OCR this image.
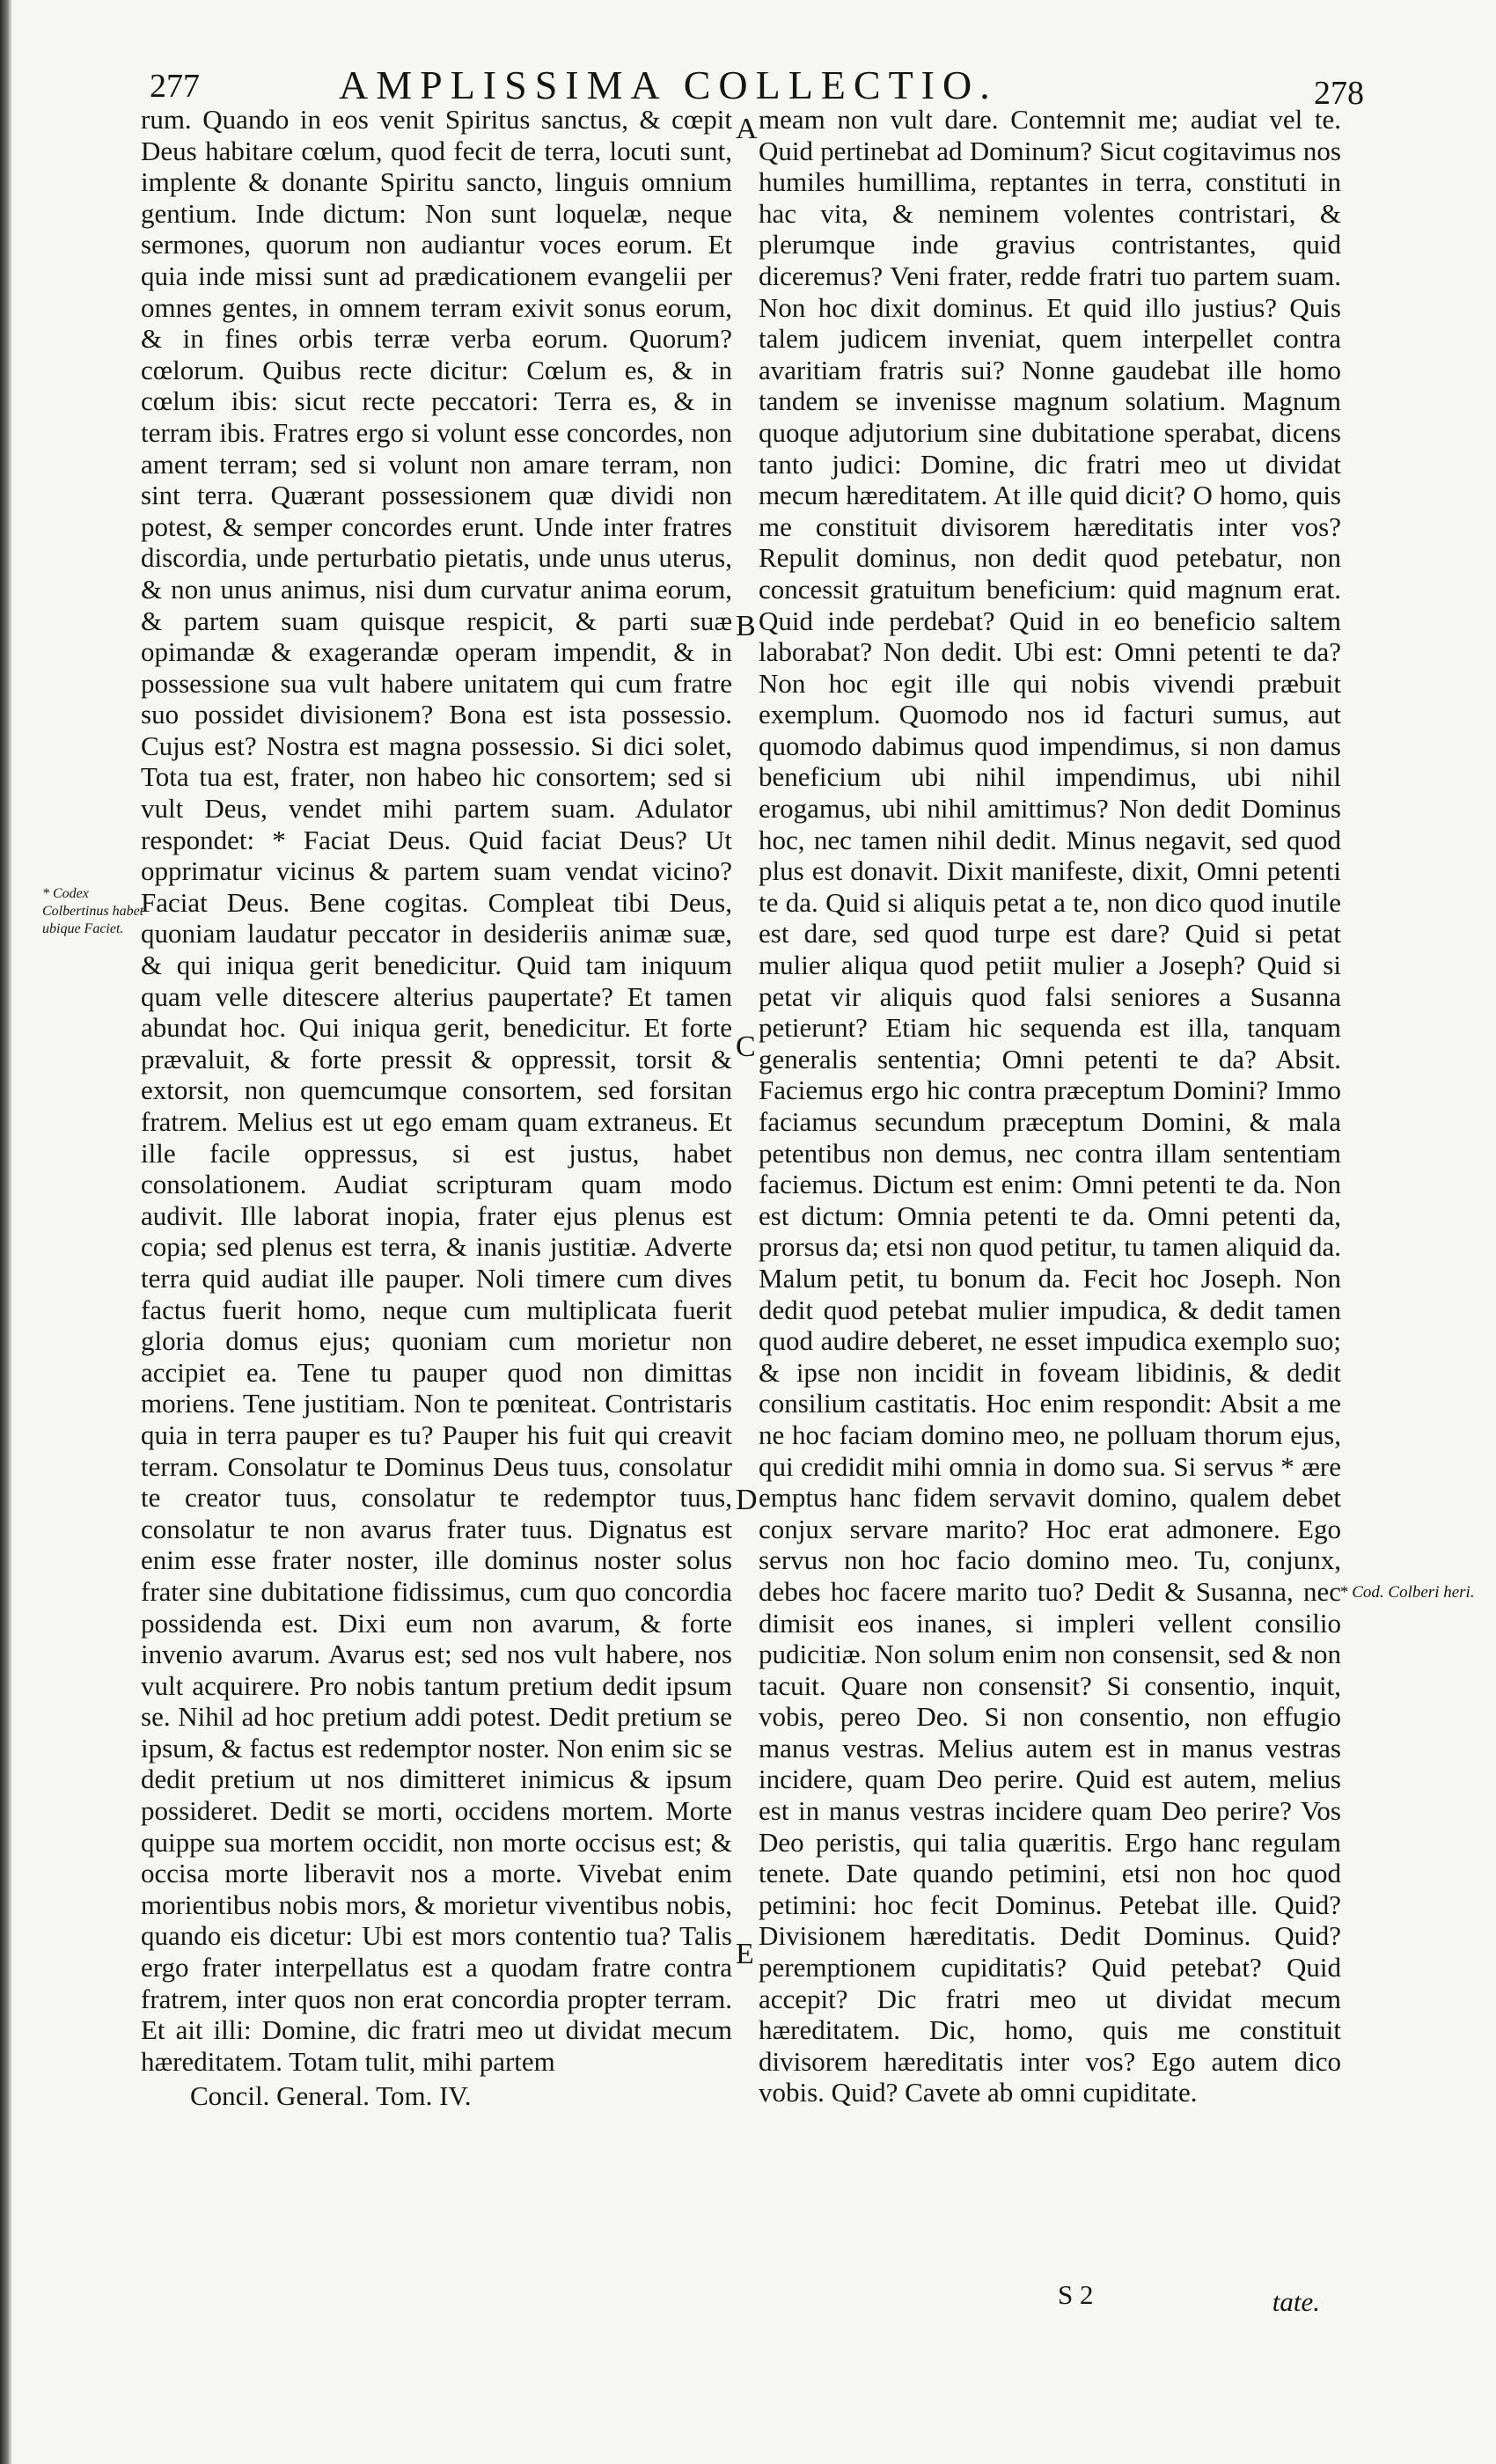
277	AMPLISSIMA COLLECTIO.	278

rum. Quando in eos venit Spiritus sanctus, & cœpit Deus habitare cœlum, quod fecit de terra, locuti sunt, implente & donante Spiritu sancto, linguis omnium gentium. Inde dictum: Non sunt loquelæ, neque sermones, quorum non audiantur voces eorum. Et quia inde missi sunt ad prædicationem evangelii per omnes gentes, in omnem terram exivit sonus eorum, & in fines orbis terræ verba eorum. Quorum? cœlorum. Quibus recte dicitur: Cœlum es, & in cœlum ibis: sicut recte peccatori: Terra es, & in terram ibis. Fratres ergo si volunt esse concordes, non ament terram; sed si volunt non amare terram, non sint terra. Quærant possessionem quæ dividi non potest, & semper concordes erunt. Unde inter fratres discordia, unde perturbatio pietatis, unde unus uterus, & non unus animus, nisi dum curvatur anima eorum, & partem suam quisque respicit, & parti suæ opimandæ & exagerandæ operam impendit, & in possessione sua vult habere unitatem qui cum fratre suo possidet divisionem? Bona est ista possessio. Cujus est? Nostra est magna possessio. Si dici solet, Tota tua est, frater, non habeo hic consortem; sed si vult Deus, vendet mihi partem suam. Adulator respondet: * Faciat Deus. Quid faciat Deus? Ut opprimatur vicinus & partem suam vendat vicino? Faciat Deus. Bene cogitas. Compleat tibi Deus, quoniam laudatur peccator in desideriis animæ suæ, & qui iniqua gerit benedicitur. Quid tam iniquum quam velle ditescere alterius paupertate? Et tamen abundat hoc. Qui iniqua gerit, benedicitur. Et forte prævaluit, & forte pressit & oppressit, torsit & extorsit, non quemcumque consortem, sed forsitan fratrem. Melius est ut ego emam quam extraneus. Et ille facile oppressus, si est justus, habet consolationem. Audiat scripturam quam modo audivit. Ille laborat inopia, frater ejus plenus est copia; sed plenus est terra, & inanis justitiæ. Adverte terra quid audiat ille pauper. Noli timere cum dives factus fuerit homo, neque cum multiplicata fuerit gloria domus ejus; quoniam cum morietur non accipiet ea. Tene tu pauper quod non dimittas moriens. Tene justitiam. Non te pœniteat. Contristaris quia in terra pauper es tu? Pauper his fuit qui creavit terram. Consolatur te Dominus Deus tuus, consolatur te creator tuus, consolatur te redemptor tuus, consolatur te non avarus frater tuus. Dignatus est enim esse frater noster, ille dominus noster solus frater sine dubitatione fidissimus, cum quo concordia possidenda est. Dixi eum non avarum, & forte invenio avarum. Avarus est; sed nos vult habere, nos vult acquirere. Pro nobis tantum pretium dedit ipsum se. Nihil ad hoc pretium addi potest. Dedit pretium se ipsum, & factus est redemptor noster. Non enim sic se dedit pretium ut nos dimitteret inimicus & ipsum possideret. Dedit se morti, occidens mortem. Morte quippe sua mortem occidit, non morte occisus est; & occisa morte liberavit nos a morte. Vivebat enim morientibus nobis mors, & morietur viventibus nobis, quando eis dicetur: Ubi est mors contentio tua? Talis ergo frater interpellatus est a quodam fratre contra fratrem, inter quos non erat concordia propter terram. Et ait illi: Domine, dic fratri meo ut dividat mecum hæreditatem. Totam tulit, mihi partem

Concil. General. Tom. IV.

meam non vult dare. Contemnit me; audiat vel te. Quid pertinebat ad Dominum? Sicut cogitavimus nos humiles humillima, reptantes in terra, constituti in hac vita, & neminem volentes contristari, & plerumque inde gravius contristantes, quid diceremus? Veni frater, redde fratri tuo partem suam. Non hoc dixit dominus. Et quid illo justius? Quis talem judicem inveniat, quem interpellet contra avaritiam fratris sui? Nonne gaudebat ille homo tandem se invenisse magnum solatium. Magnum quoque adjutorium sine dubitatione sperabat, dicens tanto judici: Domine, dic fratri meo ut dividat mecum hæreditatem. At ille quid dicit? O homo, quis me constituit divisorem hæreditatis inter vos? Repulit dominus, non dedit quod petebatur, non concessit gratuitum beneficium: quid magnum erat. Quid inde perdebat? Quid in eo beneficio saltem laborabat? Non dedit. Ubi est: Omni petenti te da? Non hoc egit ille qui nobis vivendi præbuit exemplum. Quomodo nos id facturi sumus, aut quomodo dabimus quod impendimus, si non damus beneficium ubi nihil impendimus, ubi nihil erogamus, ubi nihil amittimus? Non dedit Dominus hoc, nec tamen nihil dedit. Minus negavit, sed quod plus est donavit. Dixit manifeste, dixit, Omni petenti te da. Quid si aliquis petat a te, non dico quod inutile est dare, sed quod turpe est dare? Quid si petat mulier aliqua quod petiit mulier a Joseph? Quid si petat vir aliquis quod falsi seniores a Susanna petierunt? Etiam hic sequenda est illa, tanquam generalis sententia; Omni petenti te da? Absit. Faciemus ergo hic contra præceptum Domini? Immo faciamus secundum præceptum Domini, & mala petentibus non demus, nec contra illam sententiam faciemus. Dictum est enim: Omni petenti te da. Non est dictum: Omnia petenti te da. Omni petenti da, prorsus da; etsi non quod petitur, tu tamen aliquid da. Malum petit, tu bonum da. Fecit hoc Joseph. Non dedit quod petebat mulier impudica, & dedit tamen quod audire deberet, ne esset impudica exemplo suo; & ipse non incidit in foveam libidinis, & dedit consilium castitatis. Hoc enim respondit: Absit a me ne hoc faciam domino meo, ne polluam thorum ejus, qui credidit mihi omnia in domo sua. Si servus * ære emptus hanc fidem servavit domino, qualem debet conjux servare marito? Hoc erat admonere. Ego servus non hoc facio domino meo. Tu, conjunx, debes hoc facere marito tuo? Dedit & Susanna, nec dimisit eos inanes, si impleri vellent consilio pudicitiæ. Non solum enim non consensit, sed & non tacuit. Quare non consensit? Si consentio, inquit, vobis, pereo Deo. Si non consentio, non effugio manus vestras. Melius autem est in manus vestras incidere, quam Deo perire. Quid est autem, melius est in manus vestras incidere quam Deo perire? Vos Deo peristis, qui talia quæritis. Ergo hanc regulam tenete. Date quando petimini, etsi non hoc quod petimini: hoc fecit Dominus. Petebat ille. Quid? Divisionem hæreditatis. Dedit Dominus. Quid? peremptionem cupiditatis? Quid petebat? Quid accepit? Dic fratri meo ut dividat mecum hæreditatem. Dic, homo, quis me constituit divisorem hæreditatis inter vos? Ego autem dico vobis. Quid? Cavete ab omni cupiditate.

A
B
C
D
E
* Codex Colbertinus habet ubique Faciet.
* Cod. Colberi heri.
S 2	tate.
